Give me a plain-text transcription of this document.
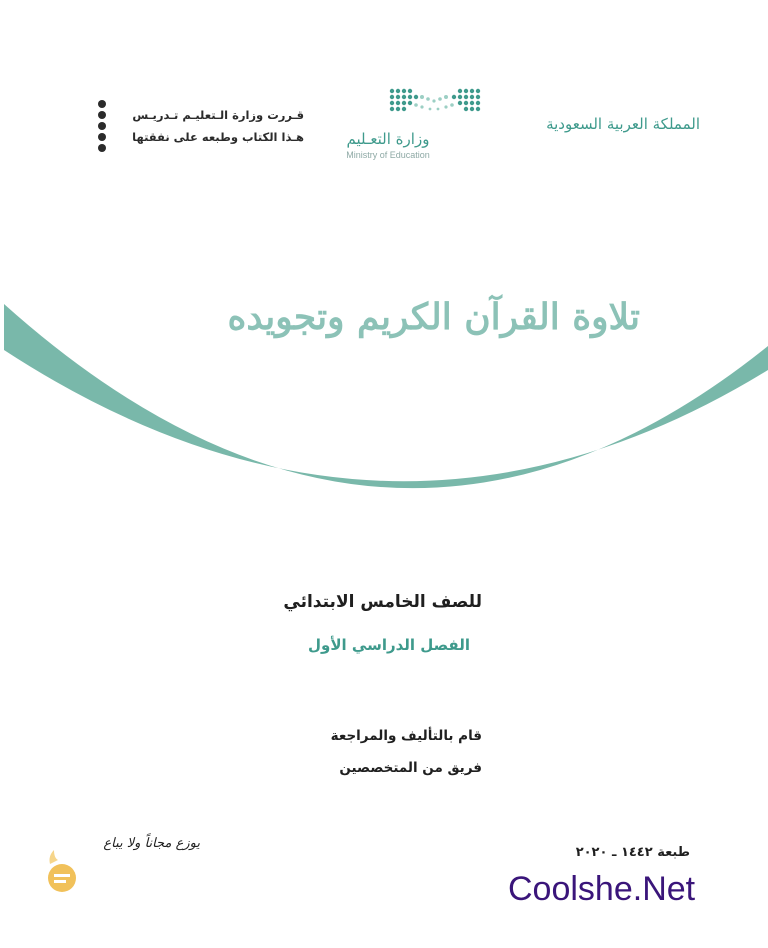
المملكة العربية السعودية
وزارة التعـليم
Ministry of Education
قـررت وزارة الـتعليـم تـدريـس
هـذا الكتاب وطبعه على نفقتها
تلاوة القرآن الكريم وتجويده
للصف الخامس الابتدائي
الفصل الدراسي الأول
قام بالتأليف والمراجعة
فريق من المتخصصين
طبعة ١٤٤٢ ـ ٢٠٢٠
يوزع مجاناً ولا يباع
Coolshe.Net
